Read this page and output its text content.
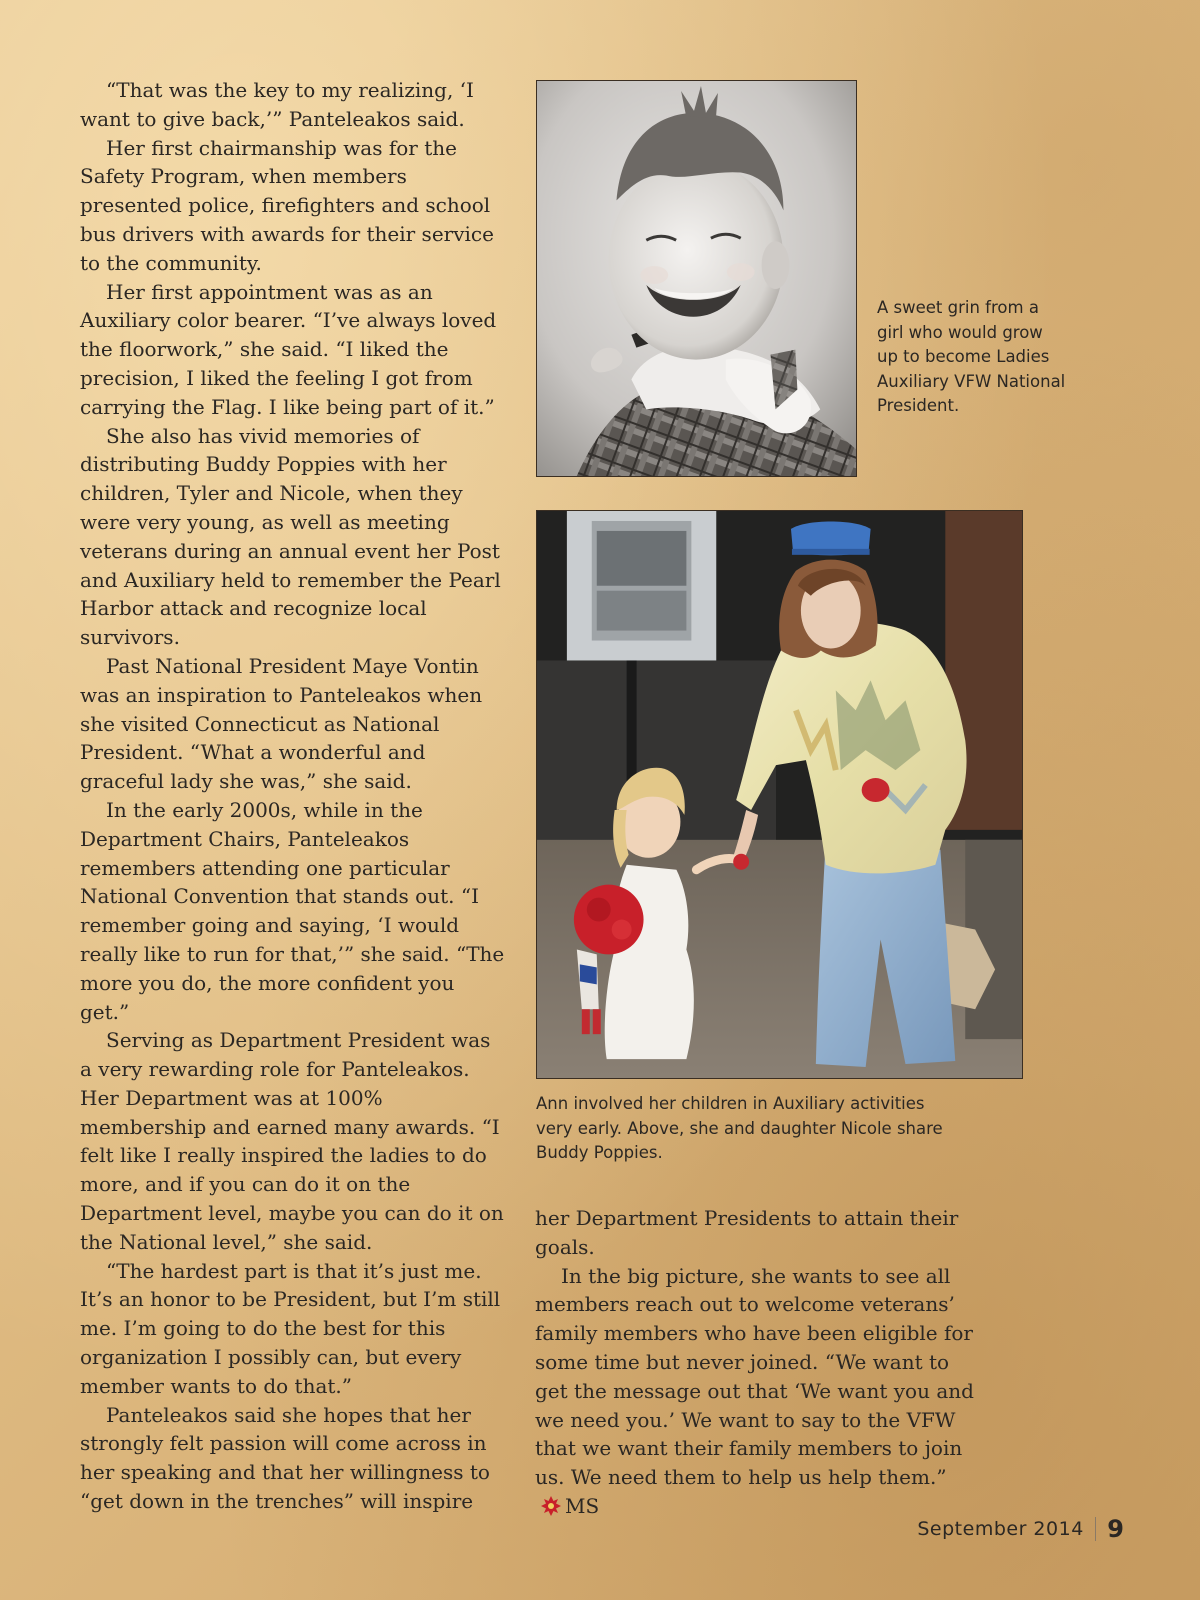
“That was the key to my realizing, ‘I want to give back,’” Panteleakos said.

Her first chairmanship was for the Safety Program, when members presented police, firefighters and school bus drivers with awards for their service to the community.

Her first appointment was as an Auxiliary color bearer. “I’ve always loved the floorwork,” she said. “I liked the precision, I liked the feeling I got from carrying the Flag. I like being part of it.”

She also has vivid memories of distributing Buddy Poppies with her children, Tyler and Nicole, when they were very young, as well as meeting veterans during an annual event her Post and Auxiliary held to remember the Pearl Harbor attack and recognize local survivors.

Past National President Maye Vontin was an inspiration to Panteleakos when she visited Connecticut as National President. “What a wonderful and graceful lady she was,” she said.

In the early 2000s, while in the Department Chairs, Panteleakos remembers attending one particular National Convention that stands out. “I remember going and saying, ‘I would really like to run for that,’” she said. “The more you do, the more confident you get.”

Serving as Department President was a very rewarding role for Panteleakos. Her Department was at 100% membership and earned many awards. “I felt like I really inspired the ladies to do more, and if you can do it on the Department level, maybe you can do it on the National level,” she said.

“The hardest part is that it’s just me. It’s an honor to be President, but I’m still me. I’m going to do the best for this organization I possibly can, but every member wants to do that.”

Panteleakos said she hopes that her strongly felt passion will come across in her speaking and that her willingness to “get down in the trenches” will inspire

A sweet grin from a girl who would grow up to become Ladies Auxiliary VFW National President.
Ann involved her children in Auxiliary activities very early. Above, she and daughter Nicole share Buddy Poppies.

her Department Presidents to attain their goals.

In the big picture, she wants to see all members reach out to welcome veterans’ family members who have been eligible for some time but never joined. “We want to get the message out that ‘We want you and we need you.’ We want to say to the VFW that we want their family members to join us. We need them to help us help them.”MS

September 2014 9
